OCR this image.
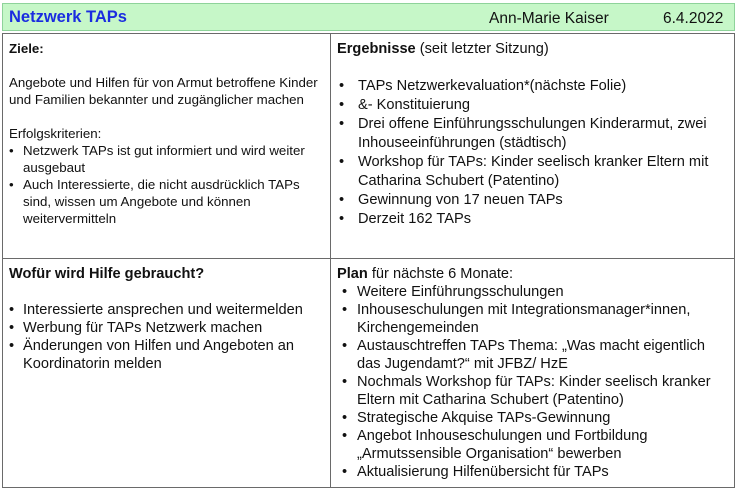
Netzwerk TAPs	Ann-Marie Kaiser	6.4.2022
Ziele:
Angebote und Hilfen für von Armut betroffene Kinder und Familien bekannter und zugänglicher machen
Erfolgskriterien:
• Netzwerk TAPs ist gut informiert und wird weiter ausgebaut
• Auch Interessierte, die nicht ausdrücklich TAPs sind, wissen um Angebote und können weitervermitteln
Ergebnisse (seit letzter Sitzung)
• TAPs Netzwerkevaluation*(nächste Folie)
• &- Konstituierung
• Drei offene Einführungsschulungen Kinderarmut, zwei Inhouseeinführungen (städtisch)
• Workshop für TAPs: Kinder seelisch kranker Eltern mit Catharina Schubert (Patentino)
• Gewinnung von 17 neuen TAPs
• Derzeit 162 TAPs
Wofür wird Hilfe gebraucht?
• Interessierte ansprechen und weitermelden
• Werbung für TAPs Netzwerk machen
• Änderungen von Hilfen und Angeboten an Koordinatorin melden
Plan für nächste 6 Monate:
• Weitere Einführungsschulungen
• Inhouseschulungen mit Integrationsmanager*innen, Kirchengemeinden
• Austauschtreffen TAPs Thema: „Was macht eigentlich das Jugendamt?“ mit JFBZ/ HzE
• Nochmals Workshop für TAPs: Kinder seelisch kranker Eltern mit Catharina Schubert (Patentino)
• Strategische Akquise TAPs-Gewinnung
• Angebot Inhouseschulungen und Fortbildung „Armutssensible Organisation“ bewerben
• Aktualisierung Hilfenübersicht für TAPs
